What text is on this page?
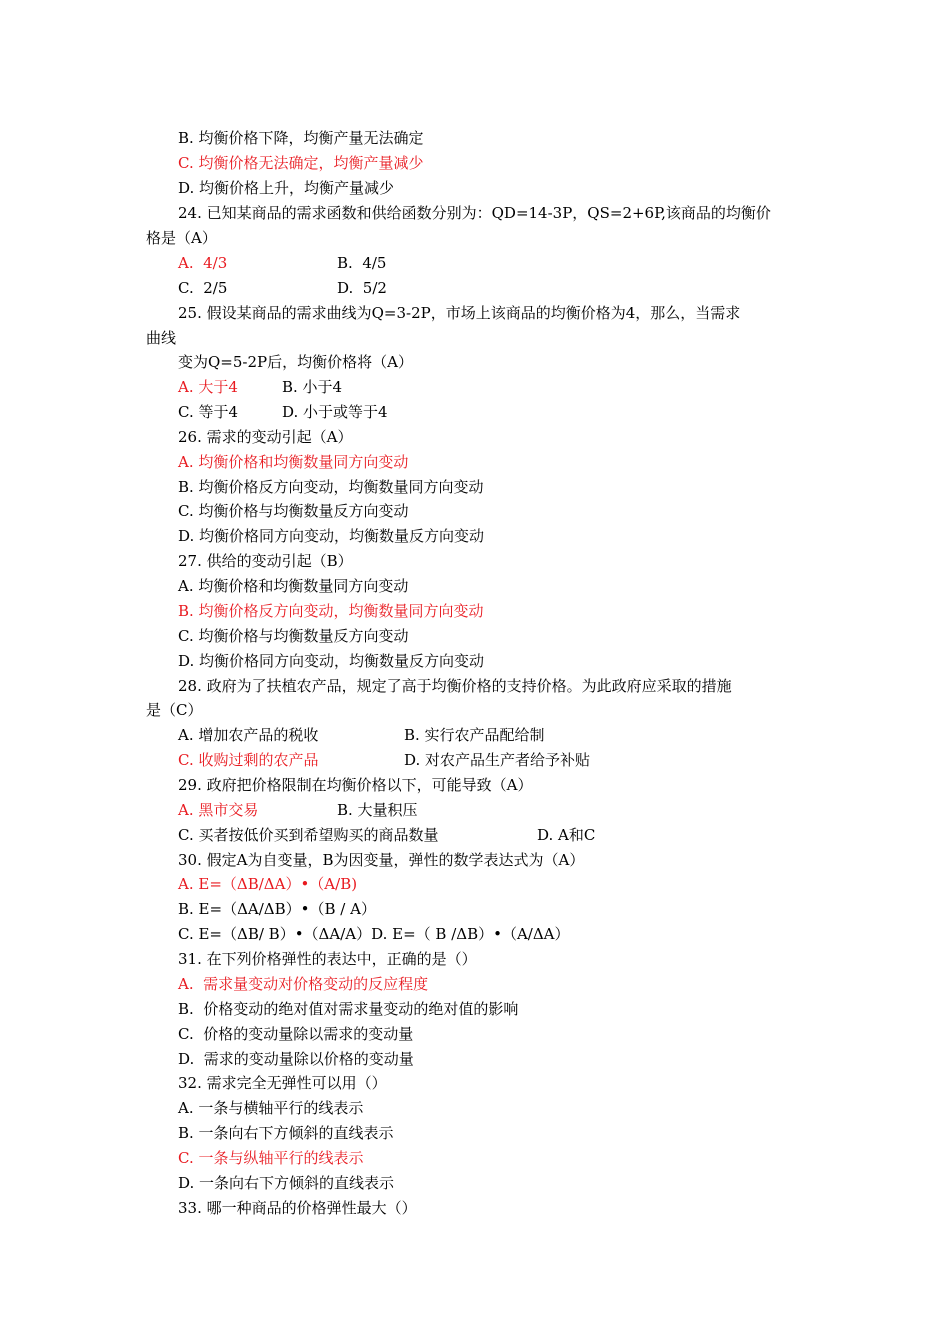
B. 均衡价格下降，均衡产量无法确定
C. 均衡价格无法确定，均衡产量减少
D. 均衡价格上升，均衡产量减少
24. 已知某商品的需求函数和供给函数分别为：QD=14-3P，QS=2+6P,该商品的均衡价
格是（A）
A.  4/3	B.  4/5
C.  2/5	D.  5/2
25. 假设某商品的需求曲线为Q=3-2P，市场上该商品的均衡价格为4，那么，当需求
曲线
变为Q=5-2P后，均衡价格将（A）
A. 大于4	B. 小于4
C. 等于4	D. 小于或等于4
26. 需求的变动引起（A）
A. 均衡价格和均衡数量同方向变动
B. 均衡价格反方向变动，均衡数量同方向变动
C. 均衡价格与均衡数量反方向变动
D. 均衡价格同方向变动，均衡数量反方向变动
27. 供给的变动引起（B）
A. 均衡价格和均衡数量同方向变动
B. 均衡价格反方向变动，均衡数量同方向变动
C. 均衡价格与均衡数量反方向变动
D. 均衡价格同方向变动，均衡数量反方向变动
28. 政府为了扶植农产品，规定了高于均衡价格的支持价格。为此政府应采取的措施
是（C）
A. 增加农产品的税收	B. 实行农产品配给制
C. 收购过剩的农产品	D. 对农产品生产者给予补贴
29. 政府把价格限制在均衡价格以下，可能导致（A）
A. 黑市交易	B. 大量积压
C. 买者按低价买到希望购买的商品数量	D. A和C
30. 假定A为自变量，B为因变量，弹性的数学表达式为（A）
A. E=（ΔB/ΔA）•（A/B)
B. E=（ΔA/ΔB）•（B / A）
C. E=（ΔB/ B）•（ΔA/A）D. E=（ B /ΔB）•（A/ΔA）
31. 在下列价格弹性的表达中，正确的是（）
A.  需求量变动对价格变动的反应程度
B.  价格变动的绝对值对需求量变动的绝对值的影响
C.  价格的变动量除以需求的变动量
D.  需求的变动量除以价格的变动量
32. 需求完全无弹性可以用（）
A. 一条与横轴平行的线表示
B. 一条向右下方倾斜的直线表示
C. 一条与纵轴平行的线表示
D. 一条向右下方倾斜的直线表示
33. 哪一种商品的价格弹性最大（）
